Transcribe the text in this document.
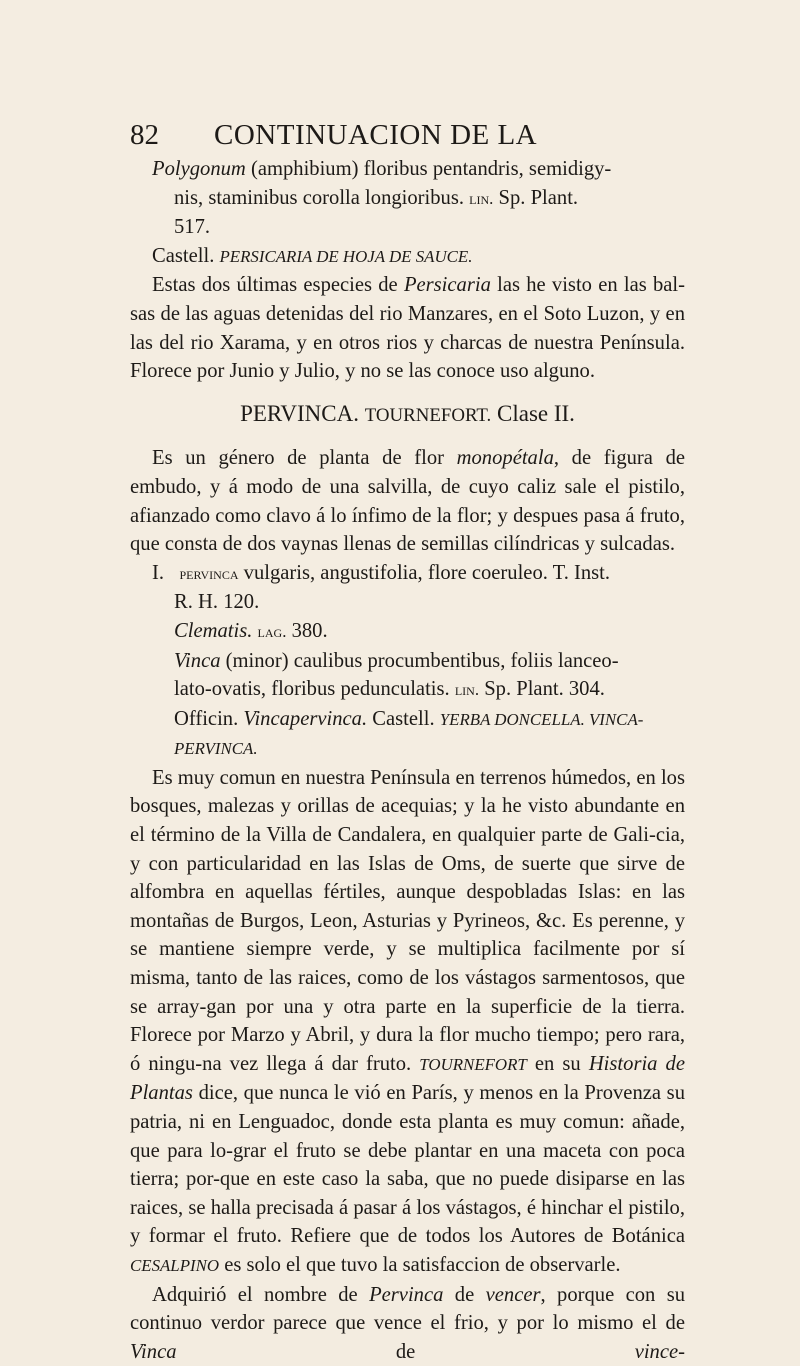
82 CONTINUACION DE LA

Polygonum (amphibium) floribus pentandris, semidigy-
nis, staminibus corolla longioribus. lin. Sp. Plant.
517.
Castell. PERSICARIA DE HOJA DE SAUCE.

Estas dos últimas especies de Persicaria las he visto en las bal-sas de las aguas detenidas del rio Manzares, en el Soto Luzon, y en las del rio Xarama, y en otros rios y charcas de nuestra Península. Florece por Junio y Julio, y no se las conoce uso alguno.

PERVINCA. TOURNEFORT. Clase II.

Es un género de planta de flor monopétala, de figura de embudo, y á modo de una salvilla, de cuyo caliz sale el pistilo, afianzado como clavo á lo ínfimo de la flor; y despues pasa á fruto, que consta de dos vaynas llenas de semillas cilíndricas y sulcadas.

I. pervinca vulgaris, angustifolia, flore coeruleo. T. Inst.
R. H. 120.
Clematis. lag. 380.
Vinca (minor) caulibus procumbentibus, foliis lanceo-
lato-ovatis, floribus pedunculatis. lin. Sp. Plant. 304.
Officin. Vincapervinca. Castell. YERBA DONCELLA. VINCA-
PERVINCA.

Es muy comun en nuestra Península en terrenos húmedos, en los bosques, malezas y orillas de acequias; y la he visto abundante en el término de la Villa de Candalera, en qualquier parte de Gali-cia, y con particularidad en las Islas de Oms, de suerte que sirve de alfombra en aquellas fértiles, aunque despobladas Islas: en las montañas de Burgos, Leon, Asturias y Pyrineos, &c. Es perenne, y se mantiene siempre verde, y se multiplica facilmente por sí misma, tanto de las raices, como de los vástagos sarmentosos, que se array-gan por una y otra parte en la superficie de la tierra. Florece por Marzo y Abril, y dura la flor mucho tiempo; pero rara, ó ningu-na vez llega á dar fruto. TOURNEFORT en su Historia de Plantas dice, que nunca le vió en París, y menos en la Provenza su patria, ni en Lenguadoc, donde esta planta es muy comun: añade, que para lo-grar el fruto se debe plantar en una maceta con poca tierra; por-que en este caso la saba, que no puede disiparse en las raices, se halla precisada á pasar á los vástagos, é hinchar el pistilo, y formar el fruto. Refiere que de todos los Autores de Botánica CESALPINO es solo el que tuvo la satisfaccion de observarle.

Adquirió el nombre de Pervinca de vencer, porque con su continuo verdor parece que vence el frio, y por lo mismo el de Vinca de vince-
